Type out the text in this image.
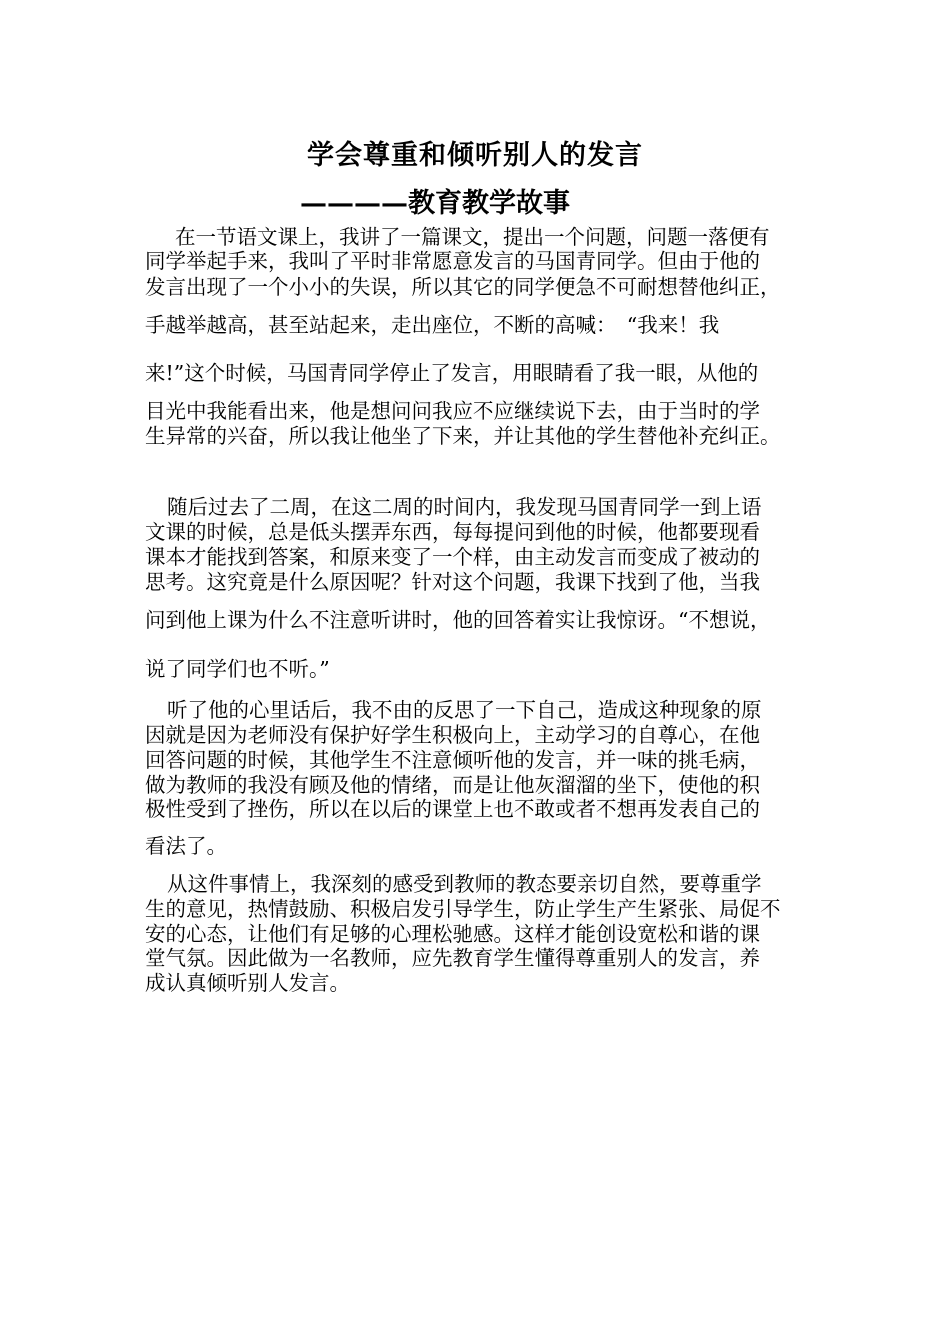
学会尊重和倾听别人的发言
————教育教学故事
在一节语文课上，我讲了一篇课文，提出一个问题，问题一落便有
同学举起手来，我叫了平时非常愿意发言的马国青同学。但由于他的
发言出现了一个小小的失误，所以其它的同学便急不可耐想替他纠正，
手越举越高，甚至站起来，走出座位，不断的高喊：　“我来！我
来!”这个时候，马国青同学停止了发言，用眼睛看了我一眼，从他的
目光中我能看出来，他是想问问我应不应继续说下去，由于当时的学
生异常的兴奋，所以我让他坐了下来，并让其他的学生替他补充纠正。
随后过去了二周，在这二周的时间内，我发现马国青同学一到上语
文课的时候，总是低头摆弄东西，每每提问到他的时候，他都要现看
课本才能找到答案，和原来变了一个样，由主动发言而变成了被动的
思考。这究竟是什么原因呢？针对这个问题，我课下找到了他，当我
问到他上课为什么不注意听讲时，他的回答着实让我惊讶。“不想说，
说了同学们也不听。”
听了他的心里话后，我不由的反思了一下自己，造成这种现象的原
因就是因为老师没有保护好学生积极向上，主动学习的自尊心，在他
回答问题的时候，其他学生不注意倾听他的发言，并一味的挑毛病，
做为教师的我没有顾及他的情绪，而是让他灰溜溜的坐下，使他的积
极性受到了挫伤，所以在以后的课堂上也不敢或者不想再发表自己的
看法了。
从这件事情上，我深刻的感受到教师的教态要亲切自然，要尊重学
生的意见，热情鼓励、积极启发引导学生，防止学生产生紧张、局促不
安的心态，让他们有足够的心理松驰感。这样才能创设宽松和谐的课
堂气氛。因此做为一名教师，应先教育学生懂得尊重别人的发言，养
成认真倾听别人发言。
